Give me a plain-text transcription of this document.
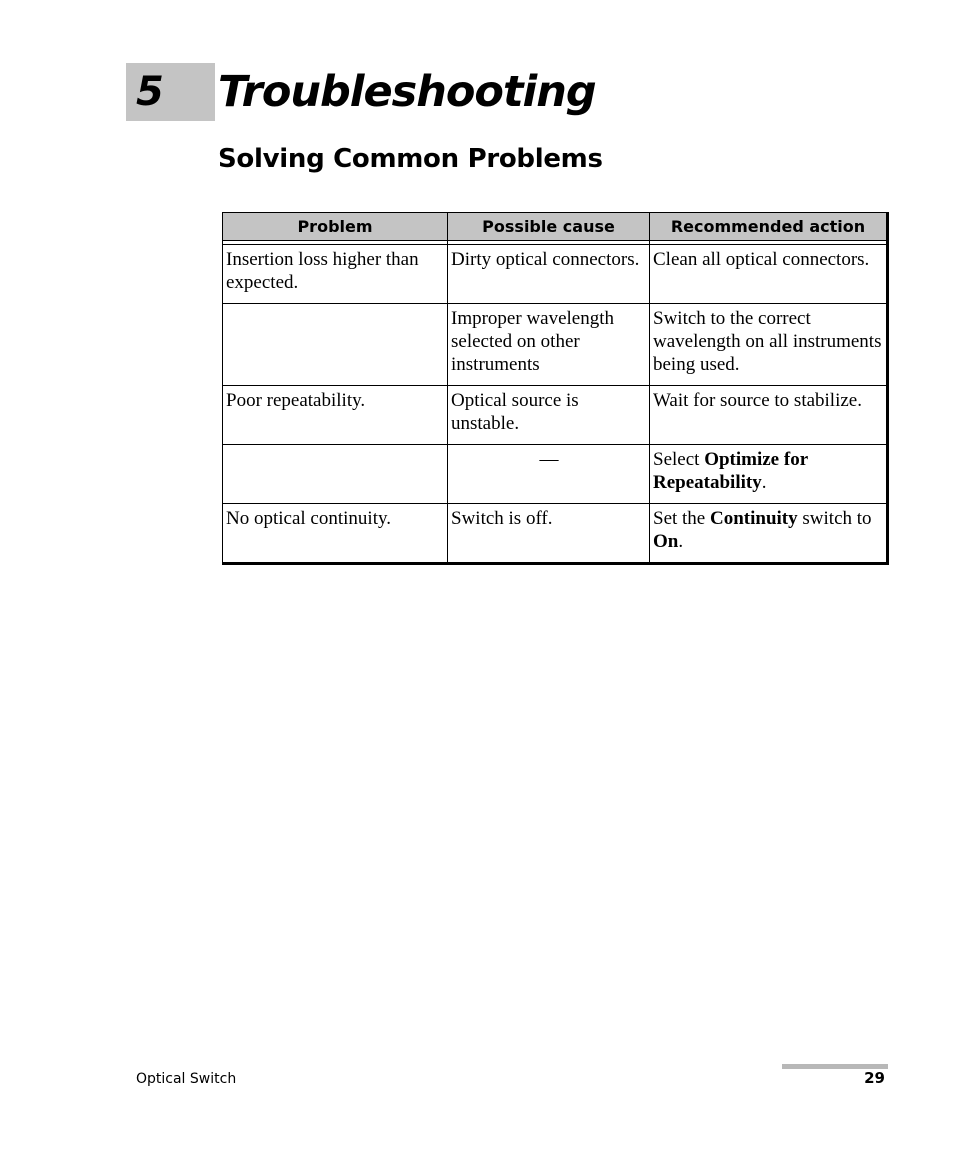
5 Troubleshooting
Solving Common Problems
Problem	Possible cause	Recommended action

Insertion loss higher than expected.	Dirty optical connectors.	Clean all optical connectors.
	Improper wavelength selected on other instruments	Switch to the correct wavelength on all instruments being used.
Poor repeatability.	Optical source is unstable.	Wait for source to stabilize.
	—	Select Optimize for Repeatability.
No optical continuity.	Switch is off.	Set the Continuity switch to On.
Optical Switch	29
